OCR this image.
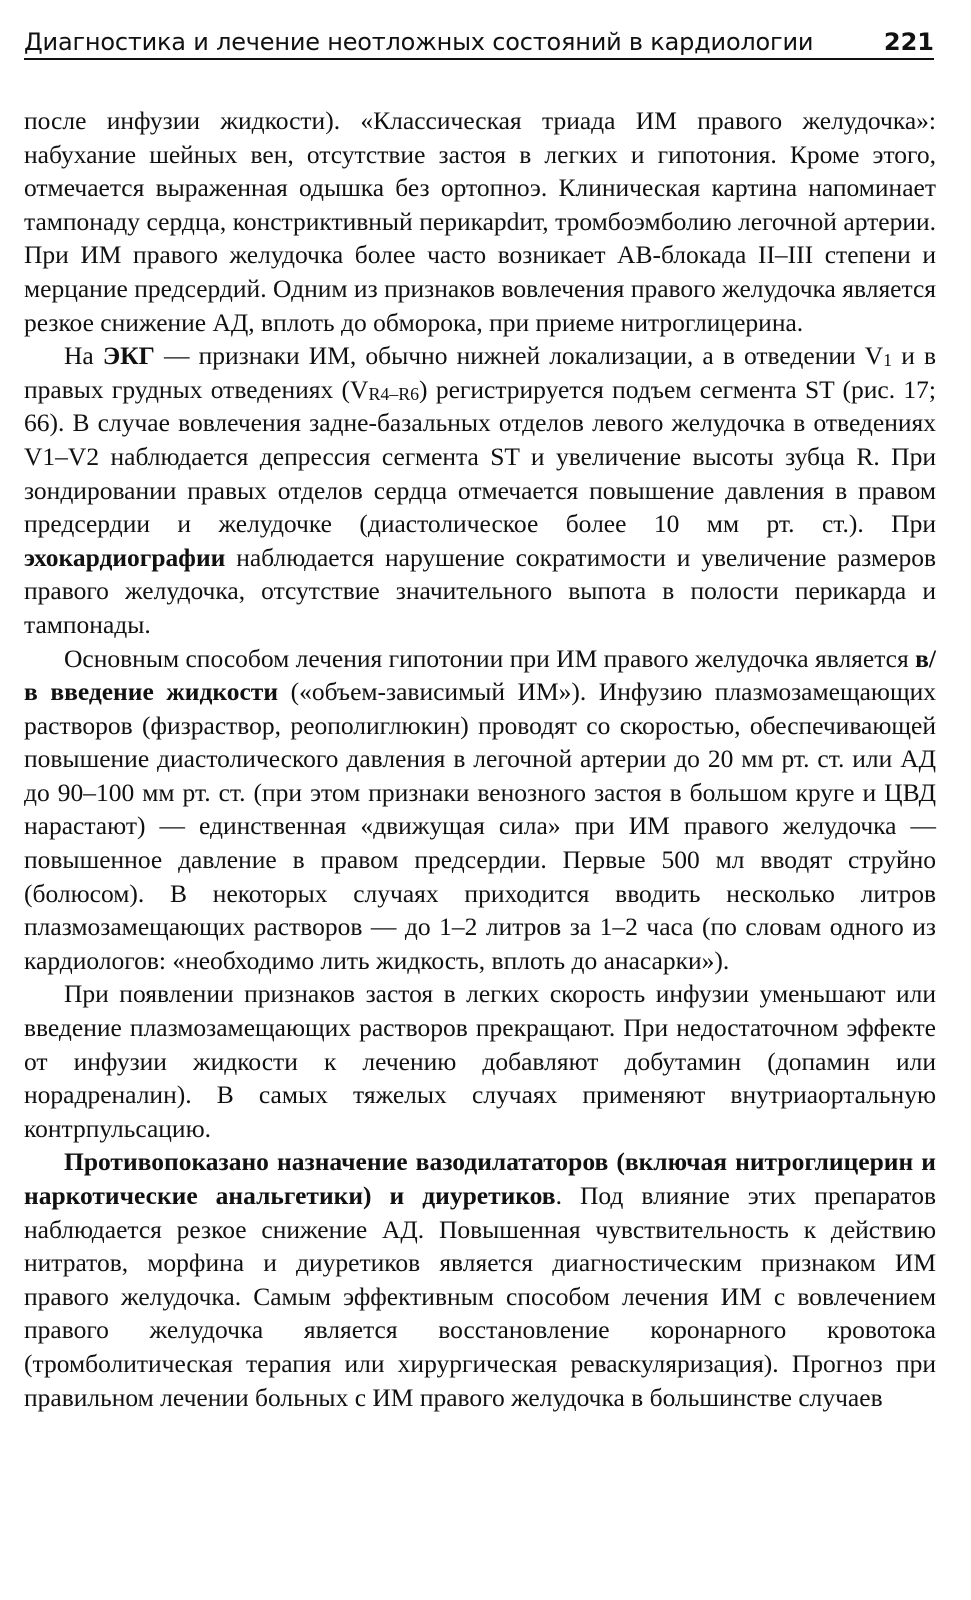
Диагностика и лечение неотложных состояний в кардиологии	221

после инфузии жидкости). «Классическая триада ИМ правого желудочка»: набухание шейных вен, отсутствие застоя в легких и гипотония. Кроме этого, отмечается выраженная одышка без ортопноэ. Клиническая картина напоминает тампонаду сердца, констриктивный перикарdит, тромбоэмболию легочной артерии. При ИМ правого желудочка более часто возникает АВ-блокада II–III степени и мерцание предсердий. Одним из признаков вовлечения правого желудочка является резкое снижение АД, вплоть до обморока, при приеме нитроглицерина.

На ЭКГ — признаки ИМ, обычно нижней локализации, а в отведении $V_1$ и в правых грудных отведениях $(V_{R4-R6})$ регистрируется подъем сегмента ST (рис. 17; 66). В случае вовлечения задне-базальных отделов левого желудочка в отведениях V1–V2 наблюдается депрессия сегмента ST и увеличение высоты зубца R. При зондировании правых отделов сердца отмечается повышение давления в правом предсердии и желудочке (диастолическое более 10 мм рт. ст.). При эхокардиографии наблюдается нарушение сократимости и увеличение размеров правого желудочка, отсутствие значительного выпота в полости перикарда и тампонады.

Основным способом лечения гипотонии при ИМ правого желудочка является в/в введение жидкости («объем-зависимый ИМ»). Инфузию плазмозамещающих растворов (физраствор, реополиглюкин) проводят со скоростью, обеспечивающей повышение диастолического давления в легочной артерии до 20 мм рт. ст. или АД до 90–100 мм рт. ст. (при этом признаки венозного застоя в большом круге и ЦВД нарастают) — единственная «движущая сила» при ИМ правого желудочка — повышенное давление в правом предсердии. Первые 500 мл вводят струйно (болюсом). В некоторых случаях приходится вводить несколько литров плазмозамещающих растворов — до 1–2 литров за 1–2 часа (по словам одного из кардиологов: «необходимо лить жидкость, вплоть до анасарки»).

При появлении признаков застоя в легких скорость инфузии уменьшают или введение плазмозамещающих растворов прекращают. При недостаточном эффекте от инфузии жидкости к лечению добавляют добутамин (допамин или норадреналин). В самых тяжелых случаях применяют внутриаортальную контрпульсацию.

Противопоказано назначение вазодилататоров (включая нитроглицерин и наркотические анальгетики) и диуретиков. Под влияние этих препаратов наблюдается резкое снижение АД. Повышенная чувствительность к действию нитратов, морфина и диуретиков является диагностическим признаком ИМ правого желудочка. Самым эффективным способом лечения ИМ с вовлечением правого желудочка является восстановление коронарного кровотока (тромболитическая терапия или хирургическая реваскуляризация). Прогноз при правильном лечении больных с ИМ правого желудочка в большинстве случаев
